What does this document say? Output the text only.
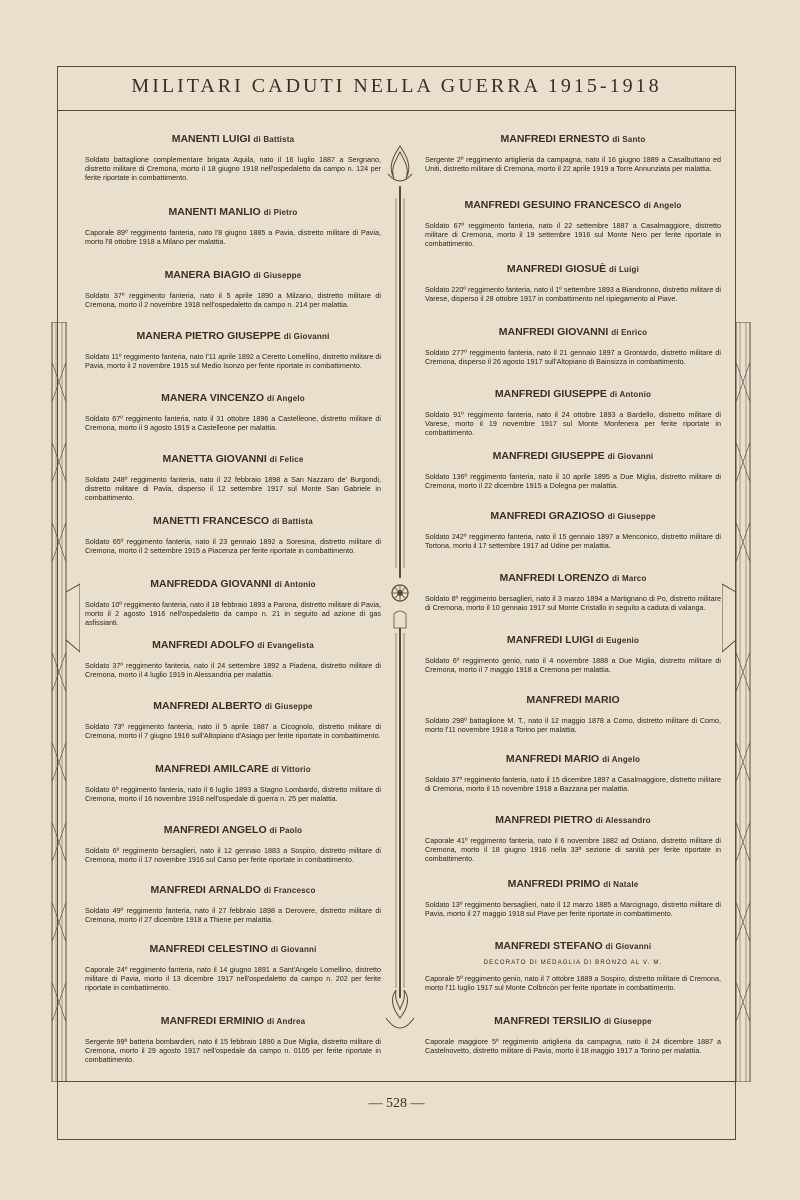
MILITARI CADUTI NELLA GUERRA 1915-1918
— 528 —
MANENTI LUIGI di Battista
Soldato battaglione complementare brigata Aquila, nato il 16 luglio 1887 a Sergnano, distretto militare di Cremona, morto il 18 giugno 1918 nell'ospedaletto da campo n. 124 per ferite riportate in combattimento.
MANENTI MANLIO di Pietro
Caporale 89º reggimento fanteria, nato l'8 giugno 1885 a Pavia, distretto militare di Pavia, morto l'8 ottobre 1918 a Milano per malattia.
MANERA BIAGIO di Giuseppe
Soldato 37º reggimento fanteria, nato il 5 aprile 1890 a Milzano, distretto militare di Cremona, morto il 2 novembre 1918 nell'ospedaletto da campo n. 214 per malattia.
MANERA PIETRO GIUSEPPE di Giovanni
Soldato 11º reggimento fanteria, nato l'11 aprile 1892 a Ceretto Lomellino, distretto militare di Pavia, morto il 2 novembre 1915 sul Medio Isonzo per ferite riportate in combattimento.
MANERA VINCENZO di Angelo
Soldato 67º reggimento fanteria, nato il 31 ottobre 1896 a Castelleone, distretto militare di Cremona, morto il 9 agosto 1919 a Castelleone per malattia.
MANETTA GIOVANNI di Felice
Soldato 248º reggimento fanteria, nato il 22 febbraio 1898 a San Nazzaro de' Burgondi, distretto militare di Pavia, disperso il 12 settembre 1917 sul Monte San Gabriele in combattimento.
MANETTI FRANCESCO di Battista
Soldato 65º reggimento fanteria, nato il 23 gennaio 1892 a Soresina, distretto militare di Cremona, morto il 2 settembre 1915 a Piacenza per ferite riportate in combattimento.
MANFREDDA GIOVANNI di Antonio
Soldato 10º reggimento fanteria, nato il 18 febbraio 1893 a Parona, distretto militare di Pavia, morto il 2 agosto 1916 nell'ospedaletto da campo n. 21 in seguito ad azione di gas asfissianti.
MANFREDI ADOLFO di Evangelista
Soldato 37º reggimento fanteria, nato il 24 settembre 1892 a Piadena, distretto militare di Cremona, morto il 4 luglio 1919 in Alessandria per malattia.
MANFREDI ALBERTO di Giuseppe
Soldato 73º reggimento fanteria, nato il 5 aprile 1887 a Cicognolo, distretto militare di Cremona, morto il 7 giugno 1916 sull'Altopiano d'Asiago per ferite riportate in combattimento.
MANFREDI AMILCARE di Vittorio
Soldato 6º reggimento fanteria, nato il 6 luglio 1893 a Stagno Lombardo, distretto militare di Cremona, morto il 16 novembre 1918 nell'ospedale di guerra n. 25 per malattia.
MANFREDI ANGELO di Paolo
Soldato 6º reggimento bersaglieri, nato il 12 gennaio 1883 a Sospiro, distretto militare di Cremona, morto il 17 novembre 1916 sul Carso per ferite riportate in combattimento.
MANFREDI ARNALDO di Francesco
Soldato 49º reggimento fanteria, nato il 27 febbraio 1898 a Derovere, distretto militare di Cremona, morto il 27 dicembre 1918 a Thiene per malattia.
MANFREDI CELESTINO di Giovanni
Caporale 24º reggimento fanteria, nato il 14 giugno 1891 a Sant'Angelo Lomellino, distretto militare di Pavia, morto il 13 dicembre 1917 nell'ospedaletto da campo n. 202 per ferite riportate in combattimento.
MANFREDI ERMINIO di Andrea
Sergente 99ª batteria bombardieri, nato il 15 febbraio 1890 a Due Miglia, distretto militare di Cremona, morto il 29 agosto 1917 nell'ospedale da campo n. 0105 per ferite riportate in combattimento.
MANFREDI ERNESTO di Santo
Sergente 2º reggimento artiglieria da campagna, nato il 16 giugno 1889 a Casalbuttano ed Uniti, distretto militare di Cremona, morto il 22 aprile 1919 a Torre Annunziata per malattia.
MANFREDI GESUINO FRANCESCO di Angelo
Soldato 67º reggimento fanteria, nato il 22 settembre 1887 a Casalmaggiore, distretto militare di Cremona, morto il 19 settembre 1916 sul Monte Nero per ferite riportate in combattimento.
MANFREDI GIOSUÈ di Luigi
Soldato 220º reggimento fanteria, nato il 1º settembre 1893 a Biandronno, distretto militare di Varese, disperso il 28 ottobre 1917 in combattimento nel ripiegamento al Piave.
MANFREDI GIOVANNI di Enrico
Soldato 277º reggimento fanteria, nato il 21 gennaio 1897 a Grontardo, distretto militare di Cremona, disperso il 26 agosto 1917 sull'Altopiano di Bainsizza in combattimento.
MANFREDI GIUSEPPE di Antonio
Soldato 91º reggimento fanteria, nato il 24 ottobre 1893 a Bardello, distretto militare di Varese, morto il 19 novembre 1917 sul Monte Monfenera per ferite riportate in combattimento.
MANFREDI GIUSEPPE di Giovanni
Soldato 136º reggimento fanteria, nato il 10 aprile 1895 a Due Miglia, distretto militare di Cremona, morto il 22 dicembre 1915 a Dolegna per malattia.
MANFREDI GRAZIOSO di Giuseppe
Soldato 242º reggimento fanteria, nato il 15 gennaio 1897 a Menconico, distretto militare di Tortona, morto il 17 settembre 1917 ad Udine per malattia.
MANFREDI LORENZO di Marco
Soldato 8º reggimento bersaglieri, nato il 3 marzo 1894 a Martignano di Po, distretto militare di Cremona, morto il 10 gennaio 1917 sul Monte Cristallo in seguito a caduta di valanga.
MANFREDI LUIGI di Eugenio
Soldato 6º reggimento genio, nato il 4 novembre 1888 a Due Miglia, distretto militare di Cremona, morto il 7 maggio 1918 a Cremona per malattia.
MANFREDI MARIO
Soldato 298º battaglione M. T., nato il 12 maggio 1878 a Como, distretto militare di Como, morto l'11 novembre 1918 a Torino per malattia.
MANFREDI MARIO di Angelo
Soldato 37º reggimento fanteria, nato il 15 dicembre 1897 a Casalmaggiore, distretto militare di Cremona, morto il 15 novembre 1918 a Bazzana per malattia.
MANFREDI PIETRO di Alessandro
Caporale 41º reggimento fanteria, nato il 6 novembre 1882 ad Ostiano, distretto militare di Cremona, morto il 18 giugno 1916 nella 33ª sezione di sanità per ferite riportate in combattimento.
MANFREDI PRIMO di Natale
Soldato 13º reggimento bersaglieri, nato il 12 marzo 1885 a Marcignago, distretto militare di Pavia, morto il 27 maggio 1918 sul Piave per ferite riportate in combattimento.
MANFREDI STEFANO di Giovanni
DECORATO DI MEDAGLIA DI BRONZO AL V. M.
Caporale 5º reggimento genio, nato il 7 ottobre 1889 a Sospiro, distretto militare di Cremona, morto l'11 luglio 1917 sul Monte Colbricòn per ferite riportate in combattimento.
MANFREDI TERSILIO di Giuseppe
Caporale maggiore 5º reggimento artiglieria da campagna, nato il 24 dicembre 1887 a Castelnovetto, distretto militare di Pavia, morto il 18 maggio 1917 a Torino per malattia.
